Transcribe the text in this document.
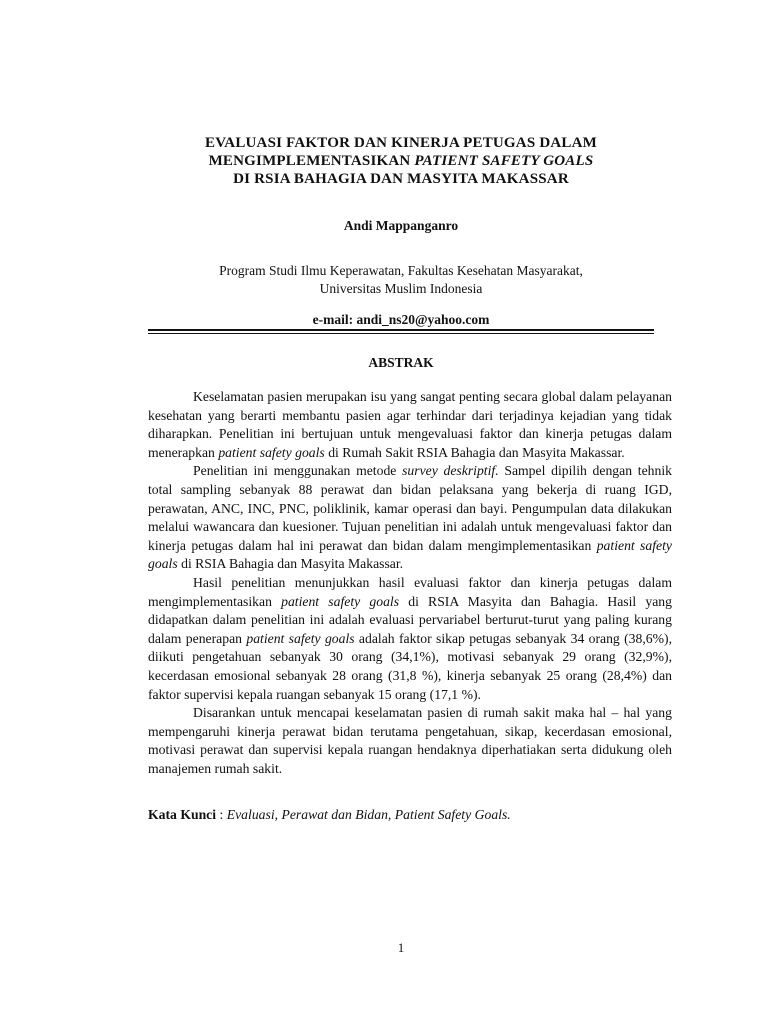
EVALUASI FAKTOR DAN KINERJA PETUGAS DALAM
MENGIMPLEMENTASIKAN PATIENT SAFETY GOALS
DI RSIA BAHAGIA DAN MASYITA MAKASSAR
Andi Mappanganro
Program Studi Ilmu Keperawatan, Fakultas Kesehatan Masyarakat,
Universitas Muslim Indonesia
e-mail: andi_ns20@yahoo.com
ABSTRAK

Keselamatan pasien merupakan isu yang sangat penting secara global dalam pelayanan kesehatan yang berarti membantu pasien agar terhindar dari terjadinya kejadian yang tidak diharapkan. Penelitian ini bertujuan untuk mengevaluasi faktor dan kinerja petugas dalam menerapkan patient safety goals di Rumah Sakit RSIA Bahagia dan Masyita Makassar.

Penelitian ini menggunakan metode survey deskriptif. Sampel dipilih dengan tehnik total sampling sebanyak 88 perawat dan bidan pelaksana yang bekerja di ruang IGD, perawatan, ANC, INC, PNC, poliklinik, kamar operasi dan bayi. Pengumpulan data dilakukan melalui wawancara dan kuesioner. Tujuan penelitian ini adalah untuk mengevaluasi faktor dan kinerja petugas dalam hal ini perawat dan bidan dalam mengimplementasikan patient safety goals di RSIA Bahagia dan Masyita Makassar.

Hasil penelitian menunjukkan hasil evaluasi faktor dan kinerja petugas dalam mengimplementasikan patient safety goals di RSIA Masyita dan Bahagia. Hasil yang didapatkan dalam penelitian ini adalah evaluasi pervariabel berturut-turut yang paling kurang dalam penerapan patient safety goals adalah faktor sikap petugas sebanyak 34 orang (38,6%), diikuti pengetahuan sebanyak 30 orang (34,1%), motivasi sebanyak 29 orang (32,9%), kecerdasan emosional sebanyak 28 orang (31,8 %), kinerja sebanyak 25 orang (28,4%) dan faktor supervisi kepala ruangan sebanyak 15 orang (17,1 %).

Disarankan untuk mencapai keselamatan pasien di rumah sakit maka hal – hal yang mempengaruhi kinerja perawat bidan terutama pengetahuan, sikap, kecerdasan emosional, motivasi perawat dan supervisi kepala ruangan hendaknya diperhatiakan serta didukung oleh manajemen rumah sakit.

Kata Kunci : Evaluasi, Perawat dan Bidan, Patient Safety Goals.
1
